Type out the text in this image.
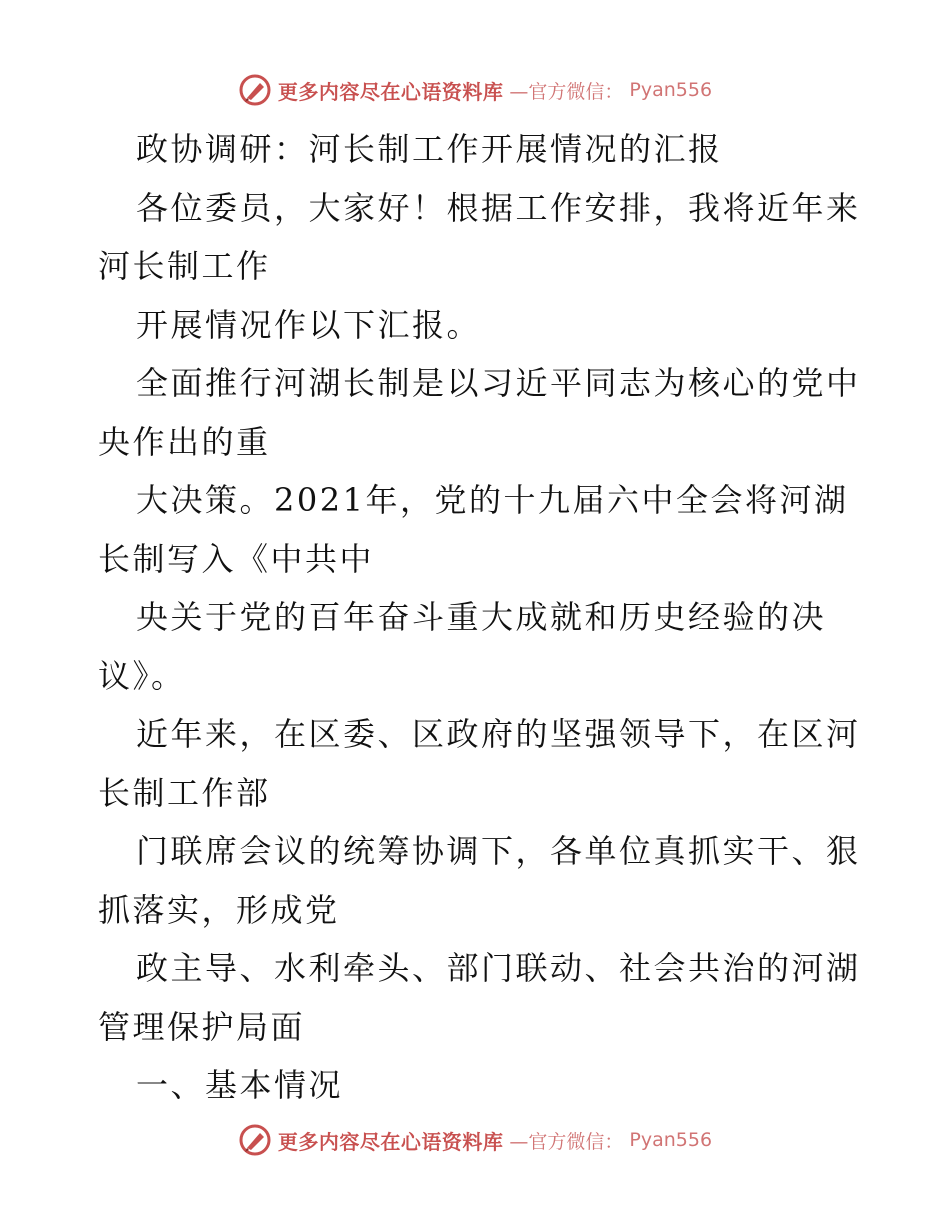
更多内容尽在心语资料库 —官方微信： Pyan556
政协调研：河长制工作开展情况的汇报
各位委员，大家好！根据工作安排，我将近年来
河长制工作
开展情况作以下汇报。
全面推行河湖长制是以习近平同志为核心的党中
央作出的重
大决策。2021年，党的十九届六中全会将河湖
长制写入《中共中
央关于党的百年奋斗重大成就和历史经验的决
议》。
近年来，在区委、区政府的坚强领导下，在区河
长制工作部
门联席会议的统筹协调下，各单位真抓实干、狠
抓落实，形成党
政主导、水利牵头、部门联动、社会共治的河湖
管理保护局面
一、基本情况
更多内容尽在心语资料库 —官方微信： Pyan556
